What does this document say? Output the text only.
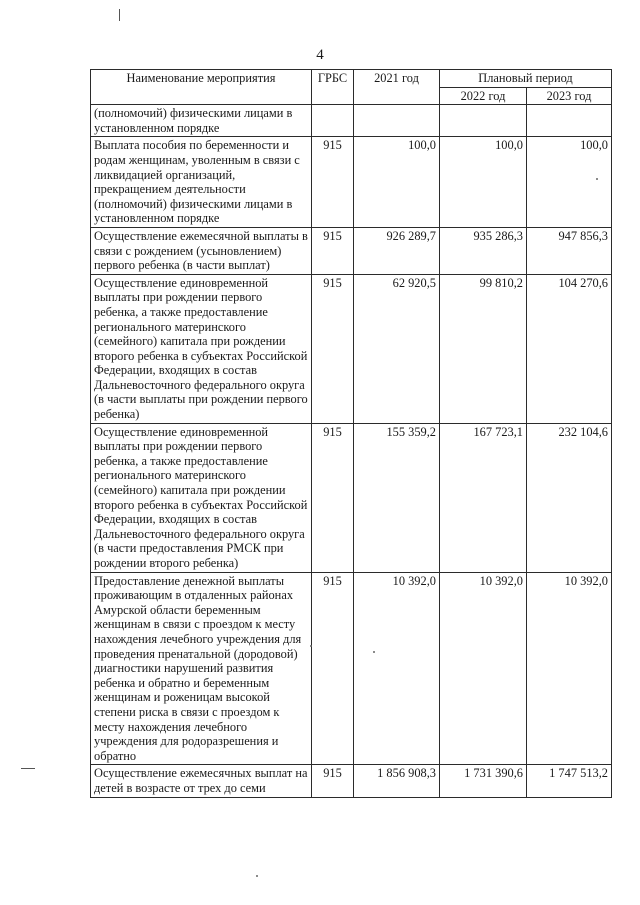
4
Наименование мероприятия	ГРБС	2021 год	Плановый период	
			2022 год	2023 год
(полномочий) физическими лицами в установленном порядке				
Выплата пособия по беременности и родам женщинам, уволенным в связи с ликвидацией организаций, прекращением деятельности (полномочий) физическими лицами в установленном порядке	915	100,0	100,0	100,0
Осуществление ежемесячной выплаты в связи с рождением (усыновлением) первого ребенка (в части выплат)	915	926 289,7	935 286,3	947 856,3
Осуществление единовременной выплаты при рождении первого ребенка, а также предоставление регионального материнского (семейного) капитала при рождении второго ребенка в субъектах Российской Федерации, входящих в состав Дальневосточного федерального округа (в части выплаты при рождении первого ребенка)	915	62 920,5	99 810,2	104 270,6
Осуществление единовременной выплаты при рождении первого ребенка, а также предоставление регионального материнского (семейного) капитала при рождении второго ребенка в субъектах Российской Федерации, входящих в состав Дальневосточного федерального округа (в части предоставления РМСК при рождении второго ребенка)	915	155 359,2	167 723,1	232 104,6
Предоставление денежной выплаты проживающим в отдаленных районах Амурской области беременным женщинам в связи с проездом к месту нахождения лечебного учреждения для проведения пренатальной (дородовой) диагностики нарушений развития ребенка и обратно и беременным женщинам и роженицам высокой степени риска в связи с проездом к месту нахождения лечебного учреждения для родоразрешения и обратно	915	10 392,0	10 392,0	10 392,0
Осуществление ежемесячных выплат на детей в возрасте от трех до семи	915	1 856 908,3	1 731 390,6	1 747 513,2
